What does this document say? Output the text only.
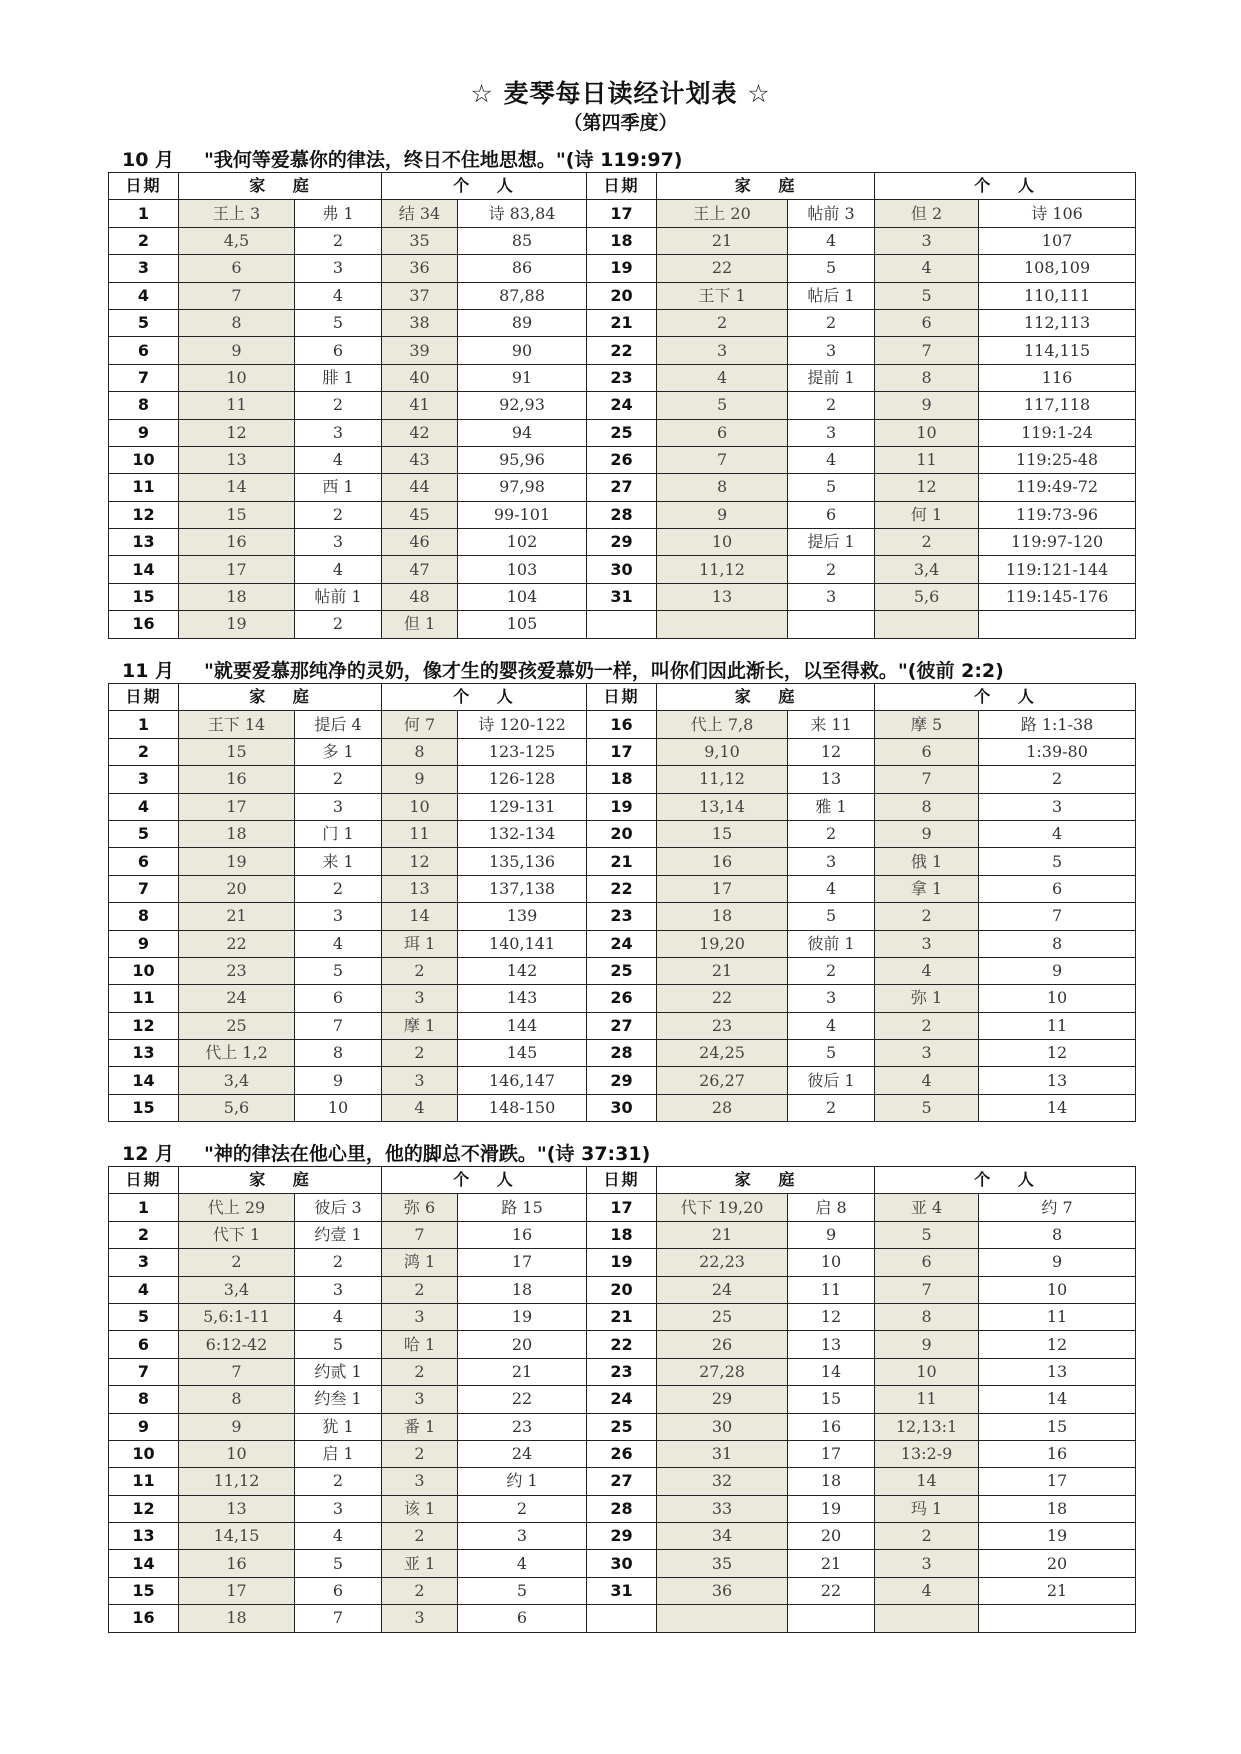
☆ 麦琴每日读经计划表 ☆
（第四季度）
10 月 "我何等爱慕你的律法，终日不住地思想。"(诗 119:97)
日期	家　 庭		个　 人		日期	家　 庭		个　 人	
1	王上 3	弗 1	结 34	诗 83,84	17	王上 20	帖前 3	但 2	诗 106
2	4,5	2	35	85	18	21	4	3	107
3	6	3	36	86	19	22	5	4	108,109
4	7	4	37	87,88	20	王下 1	帖后 1	5	110,111
5	8	5	38	89	21	2	2	6	112,113
6	9	6	39	90	22	3	3	7	114,115
7	10	腓 1	40	91	23	4	提前 1	8	116
8	11	2	41	92,93	24	5	2	9	117,118
9	12	3	42	94	25	6	3	10	119:1-24
10	13	4	43	95,96	26	7	4	11	119:25-48
11	14	西 1	44	97,98	27	8	5	12	119:49-72
12	15	2	45	99-101	28	9	6	何 1	119:73-96
13	16	3	46	102	29	10	提后 1	2	119:97-120
14	17	4	47	103	30	11,12	2	3,4	119:121-144
15	18	帖前 1	48	104	31	13	3	5,6	119:145-176
16	19	2	但 1	105					
11 月 "就要爱慕那纯净的灵奶，像才生的婴孩爱慕奶一样，叫你们因此渐长，以至得救。"(彼前 2:2)
日期	家　 庭		个　 人		日期	家　 庭		个　 人	
1	王下 14	提后 4	何 7	诗 120-122	16	代上 7,8	来 11	摩 5	路 1:1-38
2	15	多 1	8	123-125	17	9,10	12	6	1:39-80
3	16	2	9	126-128	18	11,12	13	7	2
4	17	3	10	129-131	19	13,14	雅 1	8	3
5	18	门 1	11	132-134	20	15	2	9	4
6	19	来 1	12	135,136	21	16	3	俄 1	5
7	20	2	13	137,138	22	17	4	拿 1	6
8	21	3	14	139	23	18	5	2	7
9	22	4	珥 1	140,141	24	19,20	彼前 1	3	8
10	23	5	2	142	25	21	2	4	9
11	24	6	3	143	26	22	3	弥 1	10
12	25	7	摩 1	144	27	23	4	2	11
13	代上 1,2	8	2	145	28	24,25	5	3	12
14	3,4	9	3	146,147	29	26,27	彼后 1	4	13
15	5,6	10	4	148-150	30	28	2	5	14
12 月 "神的律法在他心里，他的脚总不滑跌。"(诗 37:31)
日期	家　 庭		个　 人		日期	家　 庭		个　 人	
1	代上 29	彼后 3	弥 6	路 15	17	代下 19,20	启 8	亚 4	约 7
2	代下 1	约壹 1	7	16	18	21	9	5	8
3	2	2	鸿 1	17	19	22,23	10	6	9
4	3,4	3	2	18	20	24	11	7	10
5	5,6:1-11	4	3	19	21	25	12	8	11
6	6:12-42	5	哈 1	20	22	26	13	9	12
7	7	约贰 1	2	21	23	27,28	14	10	13
8	8	约叁 1	3	22	24	29	15	11	14
9	9	犹 1	番 1	23	25	30	16	12,13:1	15
10	10	启 1	2	24	26	31	17	13:2-9	16
11	11,12	2	3	约 1	27	32	18	14	17
12	13	3	该 1	2	28	33	19	玛 1	18
13	14,15	4	2	3	29	34	20	2	19
14	16	5	亚 1	4	30	35	21	3	20
15	17	6	2	5	31	36	22	4	21
16	18	7	3	6					
